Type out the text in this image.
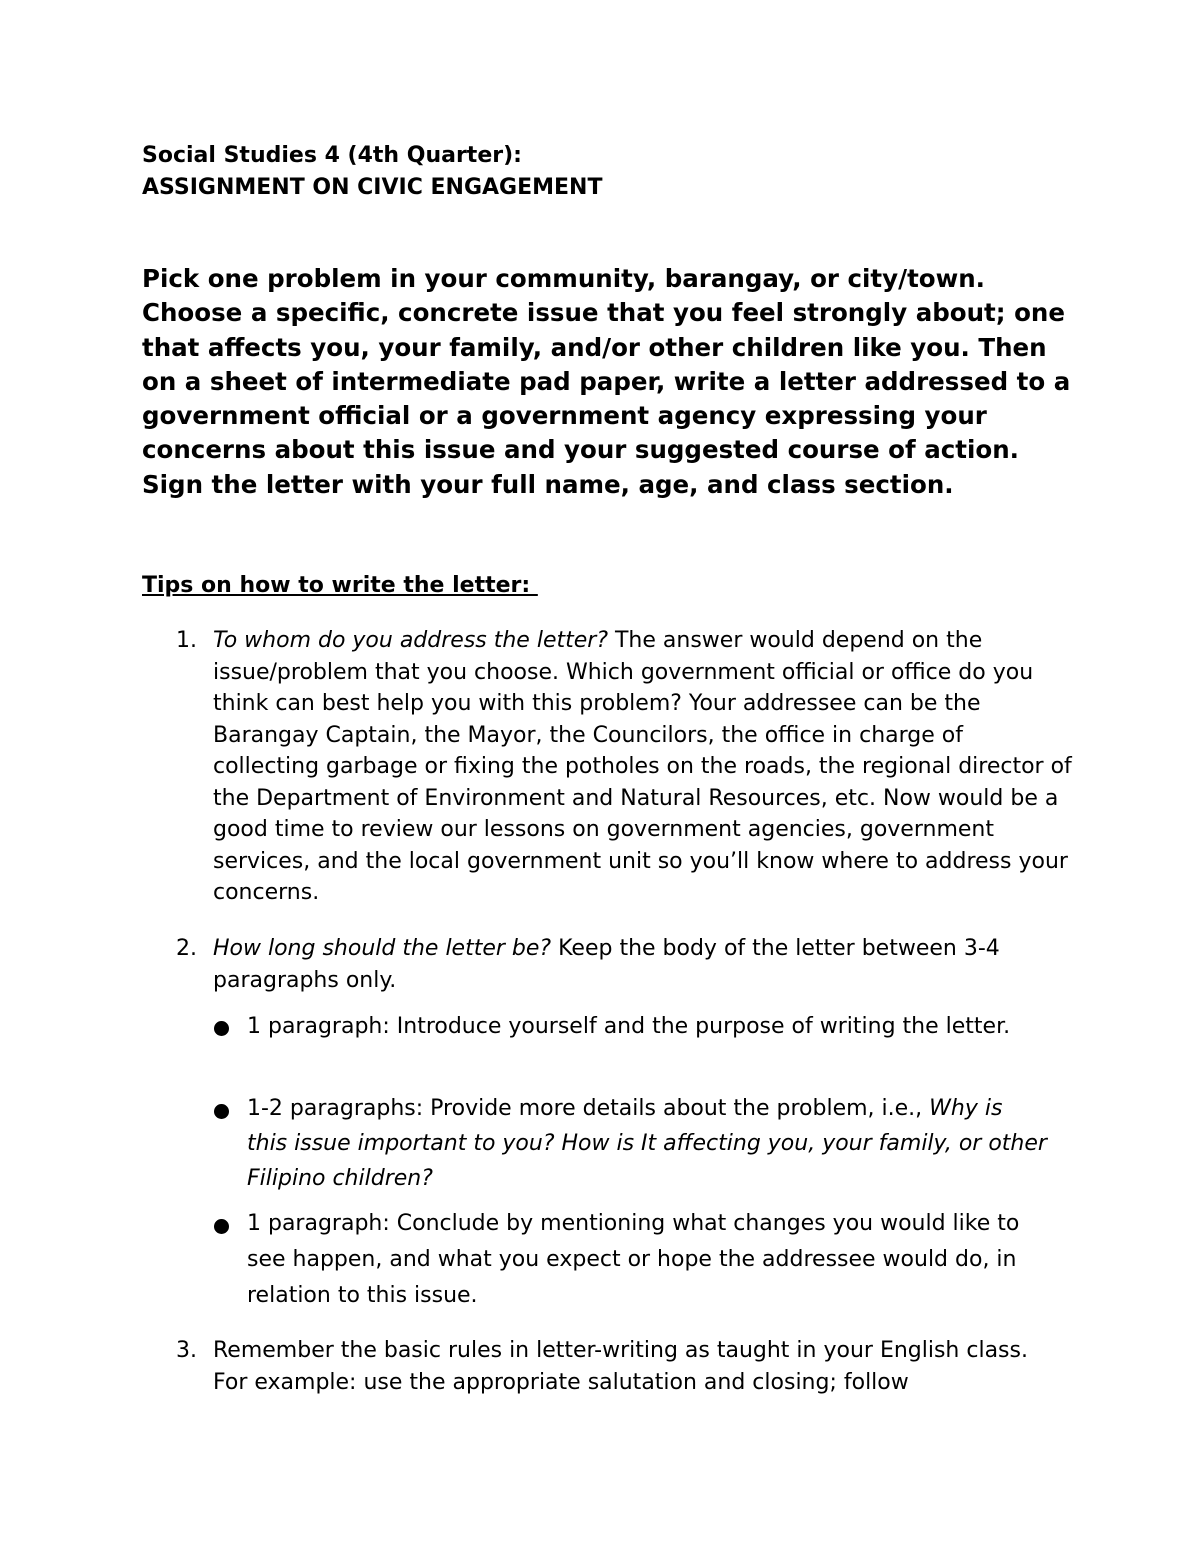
Social Studies 4 (4th Quarter):
ASSIGNMENT ON CIVIC ENGAGEMENT
Pick one problem in your community, barangay, or city/town. Choose a specific, concrete issue that you feel strongly about; one that affects you, your family, and/or other children like you. Then on a sheet of intermediate pad paper, write a letter addressed to a government official or a government agency expressing your concerns about this issue and your suggested course of action. Sign the letter with your full name, age, and class section.
Tips on how to write the letter:
1. To whom do you address the letter? The answer would depend on the issue/problem that you choose. Which government official or office do you think can best help you with this problem? Your addressee can be the Barangay Captain, the Mayor, the Councilors, the office in charge of collecting garbage or fixing the potholes on the roads, the regional director of the Department of Environment and Natural Resources, etc. Now would be a good time to review our lessons on government agencies, government services, and the local government unit so you’ll know where to address your concerns.
2. How long should the letter be? Keep the body of the letter between 3-4 paragraphs only.
1 paragraph: Introduce yourself and the purpose of writing the letter.
1-2 paragraphs: Provide more details about the problem, i.e., Why is this issue important to you? How is It affecting you, your family, or other Filipino children?
1 paragraph: Conclude by mentioning what changes you would like to see happen, and what you expect or hope the addressee would do, in relation to this issue.
3. Remember the basic rules in letter-writing as taught in your English class. For example: use the appropriate salutation and closing; follow
